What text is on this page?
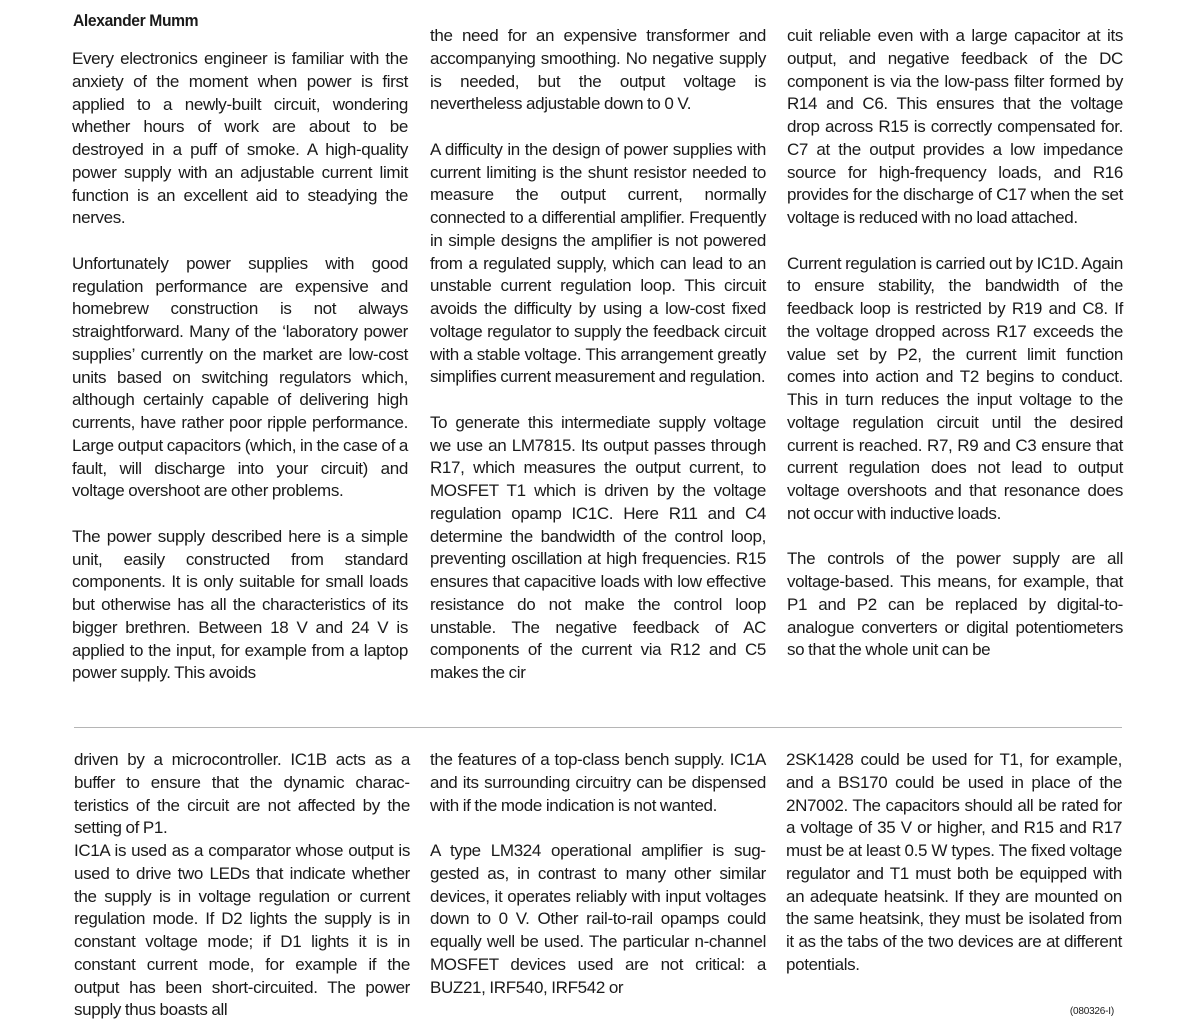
Alexander Mumm

Every electronics engineer is familiar with the anxiety of the moment when power is first applied to a newly-built circuit, wondering whether hours of work are about to be destroyed in a puff of smoke. A high-quality power supply with an adjustable current limit function is an excellent aid to steadying the nerves.

Unfortunately power supplies with good regulation performance are expensive and homebrew construction is not always straightforward. Many of the ‘laboratory power supplies’ currently on the market are low-cost units based on switching regulators which, although certainly capable of delivering high currents, have rather poor ripple performance. Large output capacitors (which, in the case of a fault, will discharge into your circuit) and voltage overshoot are other problems.

The power supply described here is a simple unit, easily constructed from standard components. It is only suitable for small loads but otherwise has all the characteristics of its bigger brethren. Between 18 V and 24 V is applied to the input, for example from a laptop power supply. This avoids

the need for an expensive transformer and accompanying smoothing. No negative supply is needed, but the output voltage is nevertheless adjustable down to 0 V.

A difficulty in the design of power supplies with current limiting is the shunt resistor needed to measure the output current, normally connected to a differential amplifier. Frequently in simple designs the amplifier is not powered from a regulated supply, which can lead to an unstable current regulation loop. This circuit avoids the difficulty by using a low-cost fixed voltage regulator to supply the feedback circuit with a stable voltage. This arrangement greatly simplifies current measurement and regulation.

To generate this intermediate supply voltage we use an LM7815. Its output passes through R17, which measures the output current, to MOSFET T1 which is driven by the voltage regulation opamp IC1C. Here R11 and C4 determine the bandwidth of the control loop, preventing oscillation at high frequencies. R15 ensures that capacitive loads with low effective resistance do not make the control loop unstable. The negative feedback of AC components of the current via R12 and C5 makes the cir

cuit reliable even with a large capacitor at its output, and negative feedback of the DC component is via the low-pass filter formed by R14 and C6. This ensures that the voltage drop across R15 is correctly compensated for. C7 at the output provides a low impedance source for high-frequency loads, and R16 provides for the discharge of C17 when the set voltage is reduced with no load attached.

Current regulation is carried out by IC1D. Again to ensure stability, the bandwidth of the feedback loop is restricted by R19 and C8. If the voltage dropped across R17 exceeds the value set by P2, the current limit function comes into action and T2 begins to conduct. This in turn reduces the input voltage to the voltage regulation circuit until the desired current is reached. R7, R9 and C3 ensure that current regulation does not lead to output voltage overshoots and that resonance does not occur with inductive loads.

The controls of the power supply are all voltage-based. This means, for example, that P1 and P2 can be replaced by digital-to-analogue converters or digital potentiometers so that the whole unit can be

driven by a microcontroller. IC1B acts as a buffer to ensure that the dynamic characteristics of the circuit are not affected by the setting of P1.

IC1A is used as a comparator whose output is used to drive two LEDs that indicate whether the supply is in voltage regulation or current regulation mode. If D2 lights the supply is in constant voltage mode; if D1 lights it is in constant current mode, for example if the output has been short-circuited. The power supply thus boasts all

the features of a top-class bench supply. IC1A and its surrounding circuitry can be dispensed with if the mode indication is not wanted.

A type LM324 operational amplifier is suggested as, in contrast to many other similar devices, it operates reliably with input voltages down to 0 V. Other rail-to-rail opamps could equally well be used. The particular n-channel MOSFET devices used are not critical: a BUZ21, IRF540, IRF542 or

2SK1428 could be used for T1, for example, and a BS170 could be used in place of the 2N7002. The capacitors should all be rated for a voltage of 35 V or higher, and R15 and R17 must be at least 0.5 W types. The fixed voltage regulator and T1 must both be equipped with an adequate heatsink. If they are mounted on the same heatsink, they must be isolated from it as the tabs of the two devices are at different potentials.

(080326-I)
